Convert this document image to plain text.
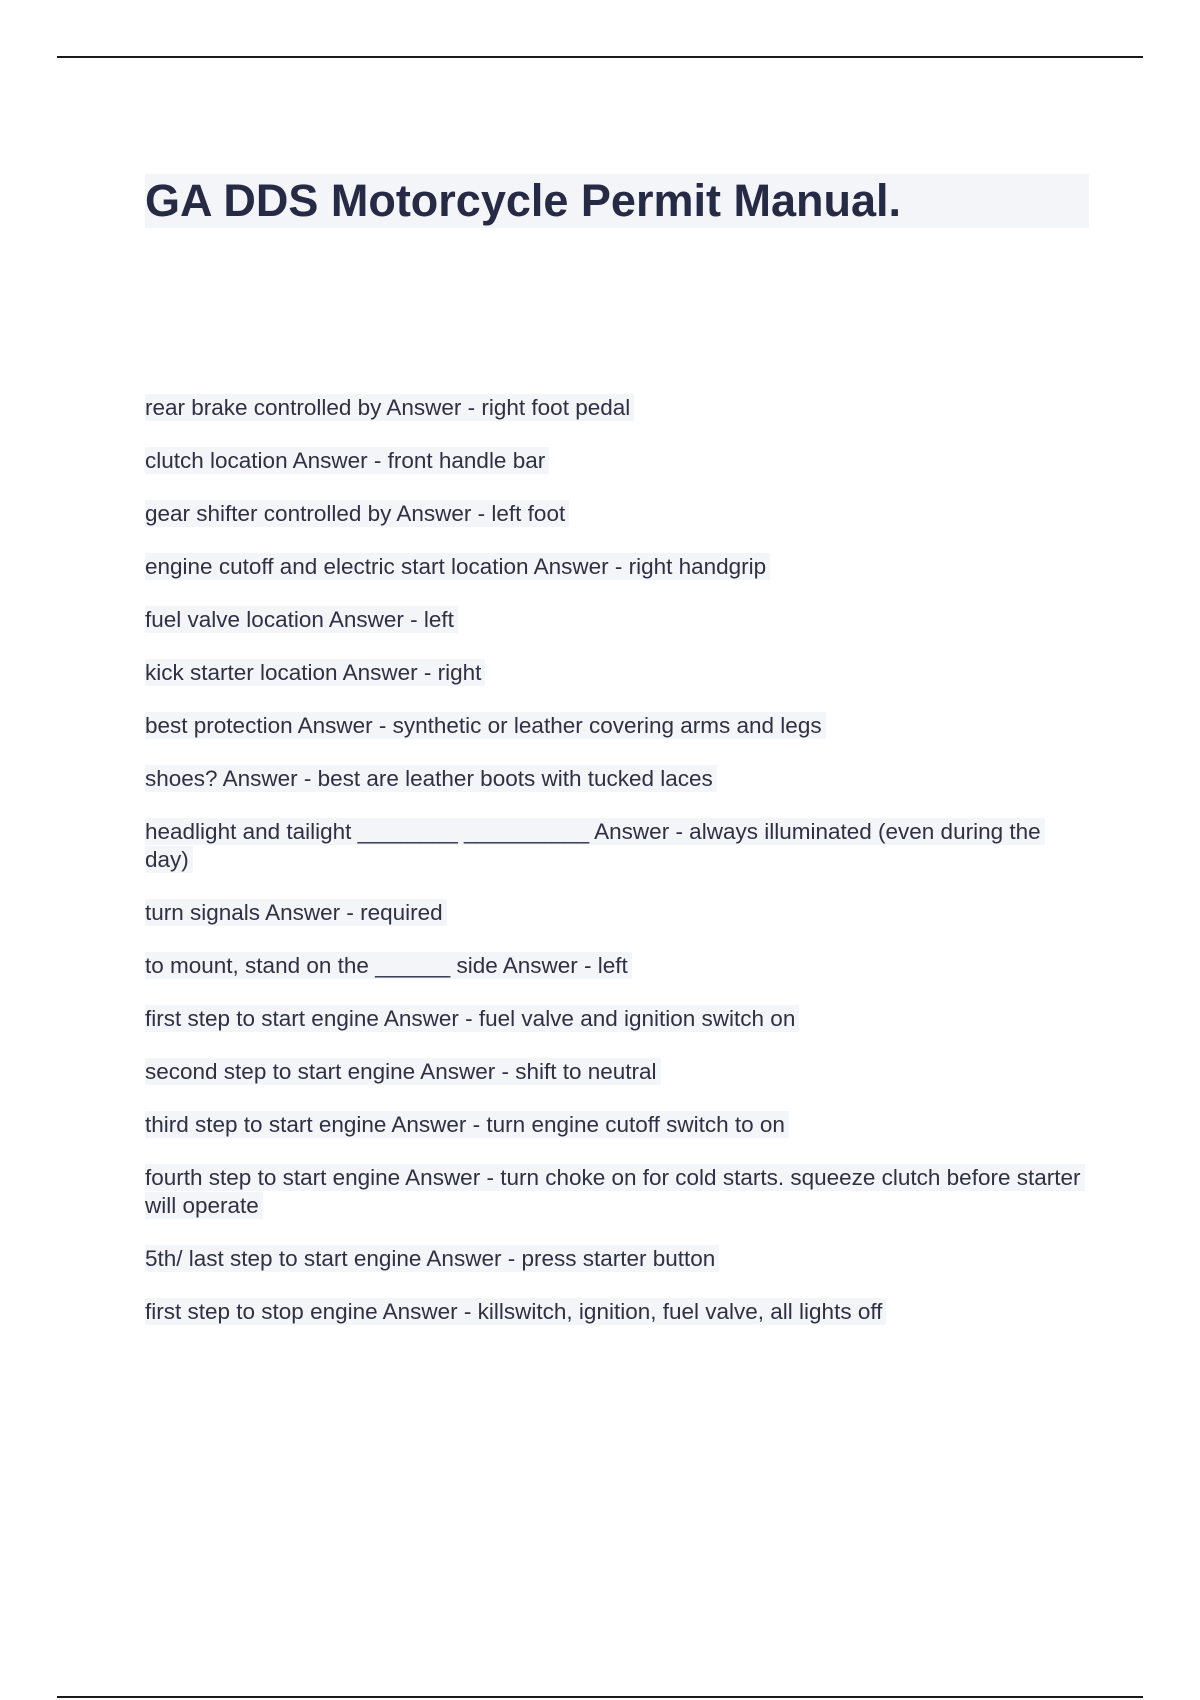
GA DDS Motorcycle Permit Manual.
rear brake controlled by Answer - right foot pedal
clutch location Answer - front handle bar
gear shifter controlled by Answer - left foot
engine cutoff and electric start location Answer - right handgrip
fuel valve location Answer - left
kick starter location Answer - right
best protection Answer - synthetic or leather covering arms and legs
shoes? Answer - best are leather boots with tucked laces
headlight and tailight ________ __________ Answer - always illuminated (even during the day)
turn signals Answer - required
to mount, stand on the ______ side Answer - left
first step to start engine Answer - fuel valve and ignition switch on
second step to start engine Answer - shift to neutral
third step to start engine Answer - turn engine cutoff switch to on
fourth step to start engine Answer - turn choke on for cold starts. squeeze clutch before starter will operate
5th/ last step to start engine Answer - press starter button
first step to stop engine Answer - killswitch, ignition, fuel valve, all lights off
